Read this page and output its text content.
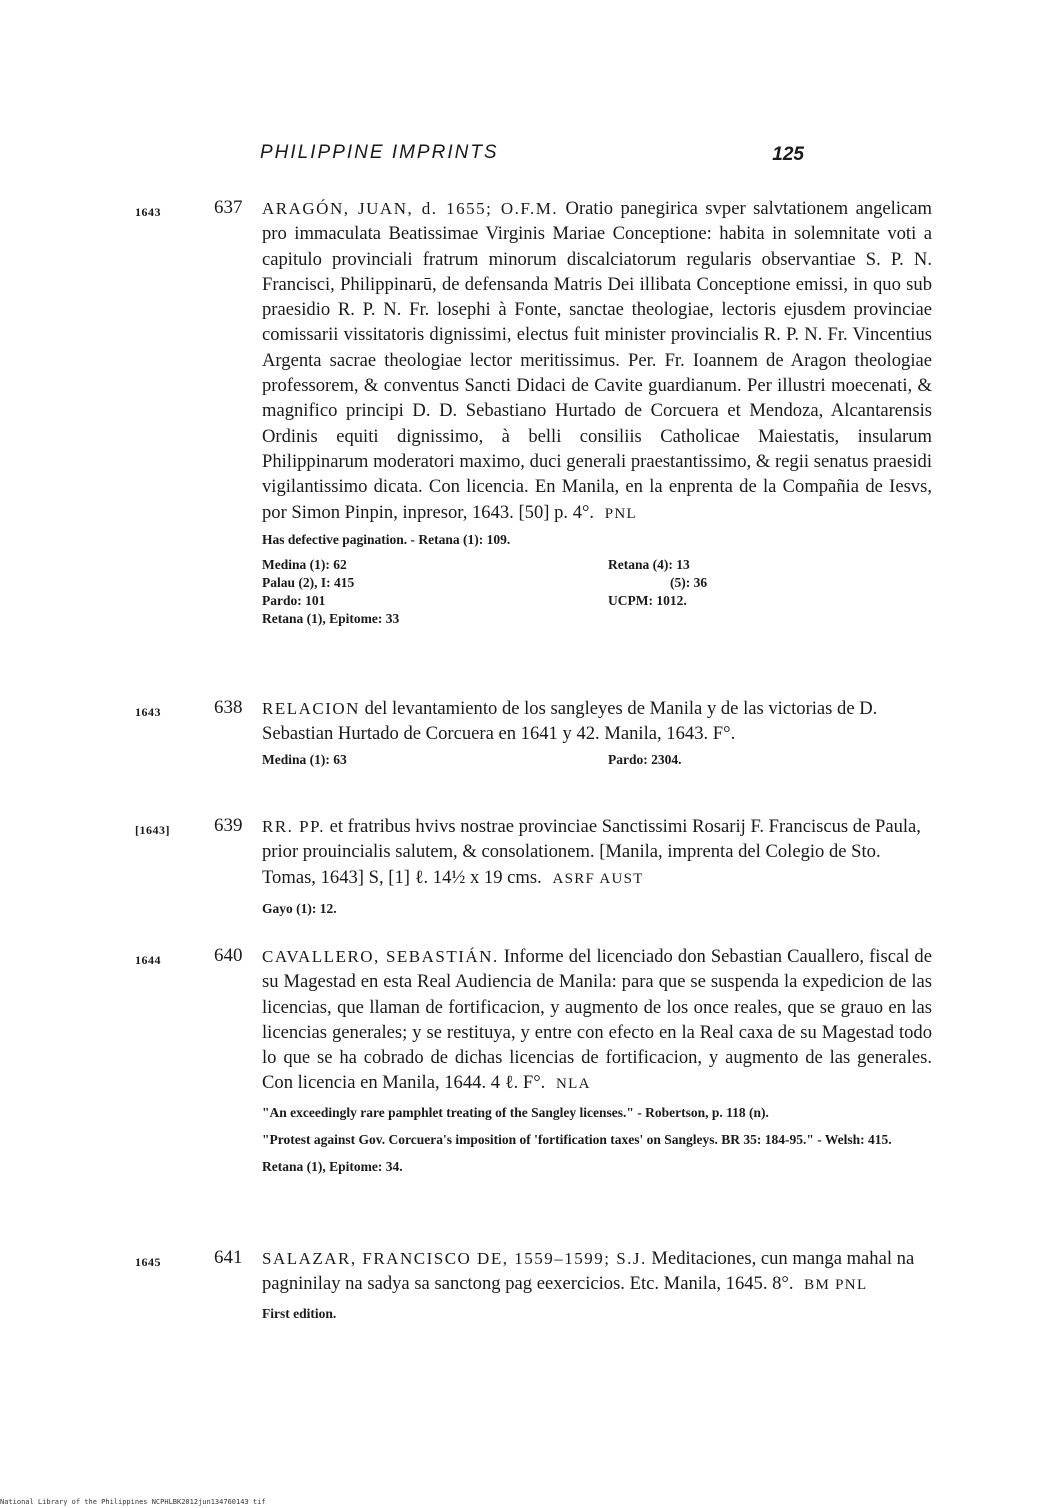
PHILIPPINE IMPRINTS	125
1643	637 ARAGÓN, JUAN, d. 1655; O.F.M. Oratio panegirica svper salvtationem angelicam pro immaculata Beatissimae Virginis Mariae Conceptione: habita in solemnitate voti a capitulo provinciali fratrum minorum discalciatorum regularis observantiae S. P. N. Francisci, Philippinarū, de defensanda Matris Dei illibata Conceptione emissi, in quo sub praesidio R. P. N. Fr. losephi à Fonte, sanctae theologiae, lectoris ejusdem provinciae comissarii vissitatoris dignissimi, electus fuit minister provincialis R. P. N. Fr. Vincentius Argenta sacrae theologiae lector meritissimus. Per. Fr. Ioannem de Aragon theologiae professorem, & conventus Sancti Didaci de Cavite guardianum. Per illustri moecenati, & magnifico principi D. D. Sebastiano Hurtado de Corcuera et Mendoza, Alcantarensis Ordinis equiti dignissimo, à belli consiliis Catholicae Maiestatis, insularum Philippinarum moderatori maximo, duci generali praestantissimo, & regii senatus praesidi vigilantissimo dicata. Con licencia. En Manila, en la enprenta de la Compañia de Iesvs, por Simon Pinpin, inpresor, 1643. [50] p. 4°. PNL
Has defective pagination. - Retana (1): 109.
Medina (1): 62	Retana (4): 13
Palau (2), I: 415	(5): 36
Pardo: 101	UCPM: 1012.
Retana (1), Epitome: 33
1643	638 RELACION del levantamiento de los sangleyes de Manila y de las victorias de D. Sebastian Hurtado de Corcuera en 1641 y 42. Manila, 1643. F°.
Medina (1): 63	Pardo: 2304.
[1643] 639 RR. PP. et fratribus hvivs nostrae provinciae Sanctissimi Rosarij F. Franciscus de Paula, prior prouincialis salutem, & consolationem. [Manila, imprenta del Colegio de Sto. Tomas, 1643] S, [1] ℓ. 14½ x 19 cms. ASRF AUST
Gayo (1): 12.
1644	640 CAVALLERO, SEBASTIÁN. Informe del licenciado don Sebastian Cauallero, fiscal de su Magestad en esta Real Audiencia de Manila: para que se suspenda la expedicion de las licencias, que llaman de fortificacion, y augmento de los once reales, que se grauo en las licencias generales; y se restituya, y entre con efecto en la Real caxa de su Magestad todo lo que se ha cobrado de dichas licencias de fortificacion, y augmento de las generales. Con licencia en Manila, 1644. 4 ℓ. F°. NLA
"An exceedingly rare pamphlet treating of the Sangley licenses." - Robertson, p. 118 (n).
"Protest against Gov. Corcuera's imposition of 'fortification taxes' on Sangleys. BR 35: 184-95." - Welsh: 415.
Retana (1), Epitome: 34.
1645	641 SALAZAR, FRANCISCO DE, 1559–1599; S.J. Meditaciones, cun manga mahal na pagninilay na sadya sa sanctong pag eexercicios. Etc. Manila, 1645. 8°. BM PNL
First edition.
National Library of the Philippines NCPHLBK2012jun134760143 tif
